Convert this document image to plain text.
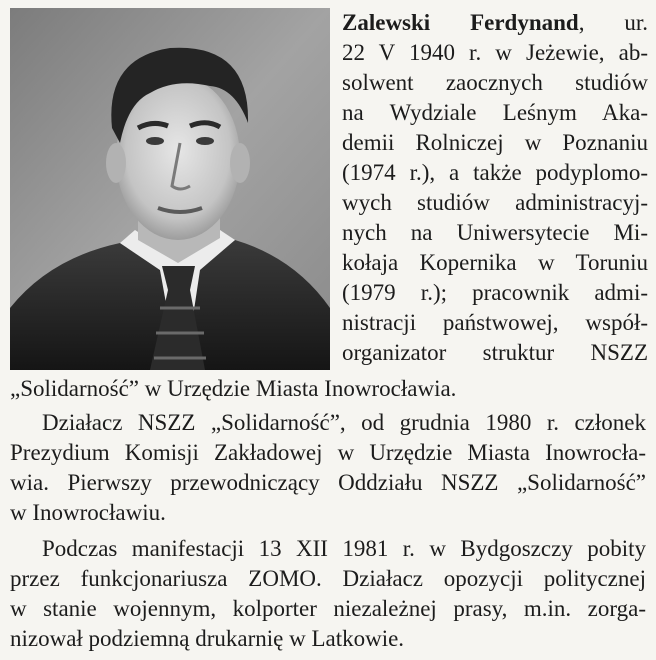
Zalewski Ferdynand, ur.
22 V 1940 r. w Jeżewie, ab-
solwent zaocznych studiów
na Wydziale Leśnym Aka-
demii Rolniczej w Poznaniu
(1974 r.), a także podyplomo-
wych studiów administracyj-
nych na Uniwersytecie Mi-
kołaja Kopernika w Toruniu
(1979 r.); pracownik admi-
nistracji państwowej, współ-
organizator struktur NSZZ
„Solidarność” w Urzędzie Miasta Inowrocławia.
Działacz NSZZ „Solidarność”, od grudnia 1980 r. członek
Prezydium Komisji Zakładowej w Urzędzie Miasta Inowrocła-
wia. Pierwszy przewodniczący Oddziału NSZZ „Solidarność”
w Inowrocławiu.
Podczas manifestacji 13 XII 1981 r. w Bydgoszczy pobity
przez funkcjonariusza ZOMO. Działacz opozycji politycznej
w stanie wojennym, kolporter niezależnej prasy, m.in. zorga-
nizował podziemną drukarnię w Latkowie.
